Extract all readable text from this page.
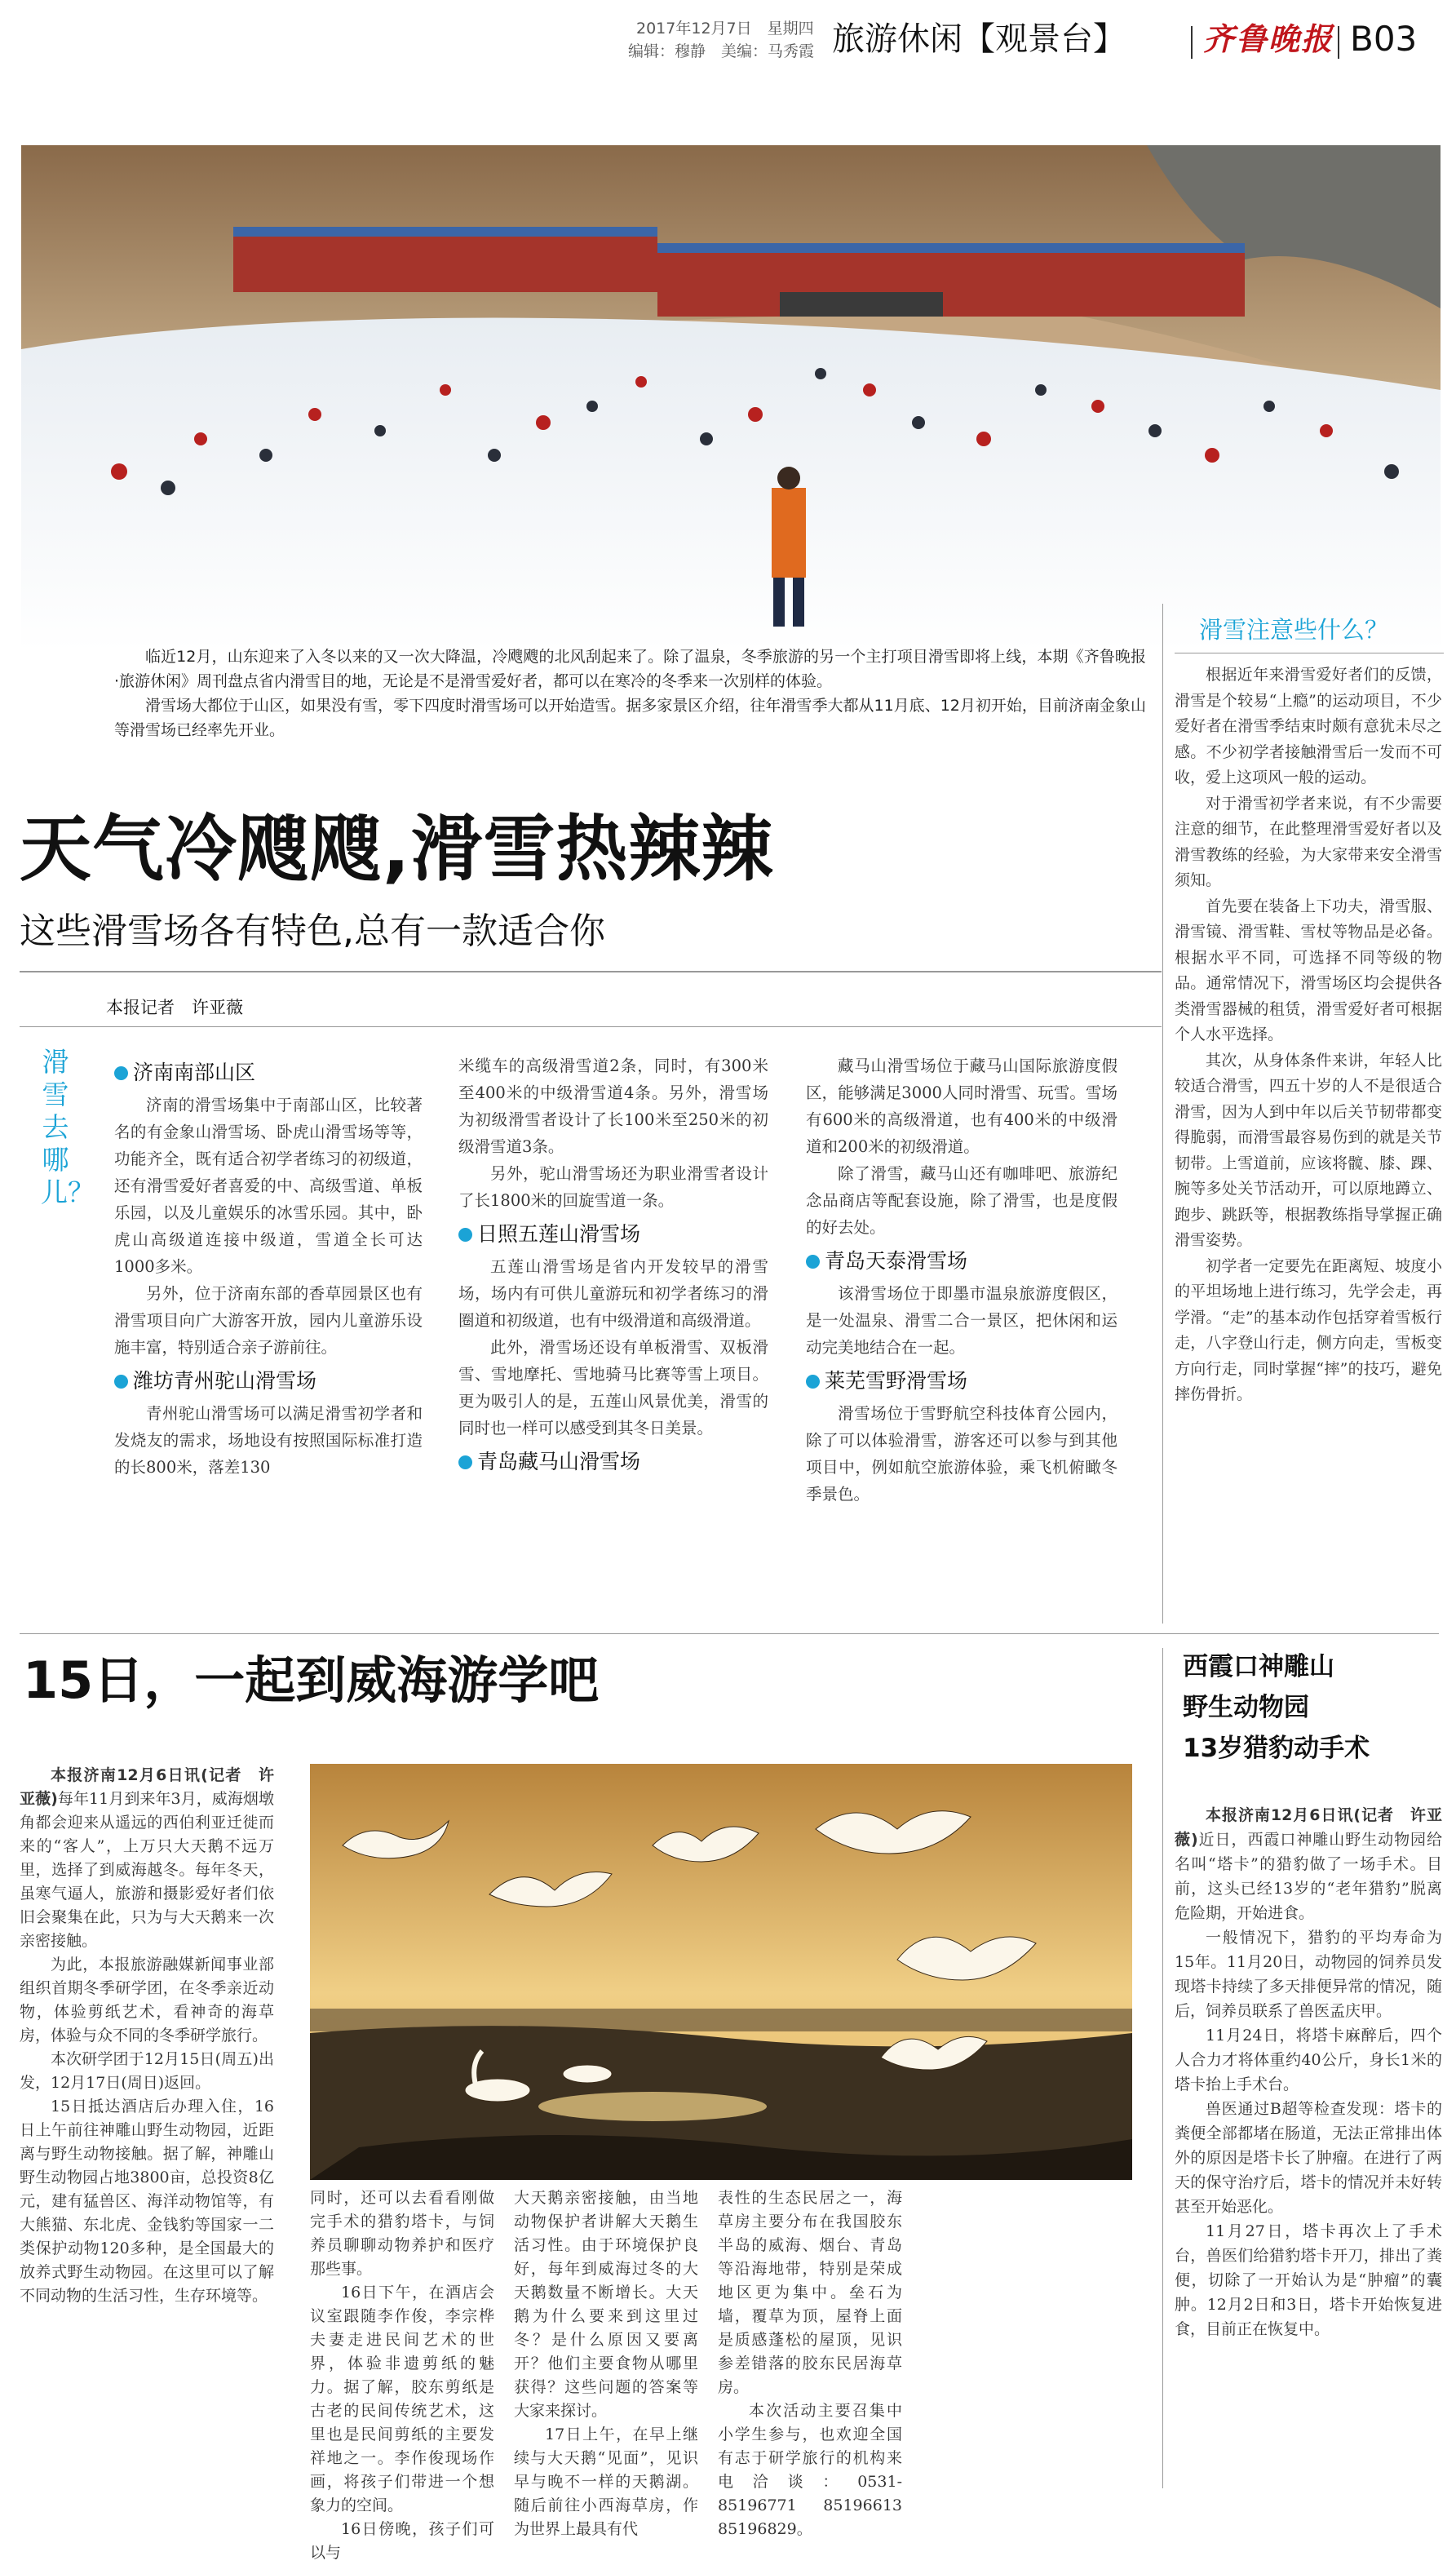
2017年12月7日　星期四
编辑：穆静　美编：马秀霞 旅游休闲【观景台】	齐鲁晚报 B03

临近12月，山东迎来了入冬以来的又一次大降温，冷飕飕的北风刮起来了。除了温泉，冬季旅游的另一个主打项目滑雪即将上线，本期《齐鲁晚报·旅游休闲》周刊盘点省内滑雪目的地，无论是不是滑雪爱好者，都可以在寒冷的冬季来一次别样的体验。

滑雪场大都位于山区，如果没有雪，零下四度时滑雪场可以开始造雪。据多家景区介绍，往年滑雪季大都从11月底、12月初开始，目前济南金象山等滑雪场已经率先开业。

天气冷飕飕,滑雪热辣辣
这些滑雪场各有特色,总有一款适合你
本报记者　许亚薇
滑雪去哪儿？
济南南部山区

济南的滑雪场集中于南部山区，比较著名的有金象山滑雪场、卧虎山滑雪场等等，功能齐全，既有适合初学者练习的初级道，还有滑雪爱好者喜爱的中、高级雪道、单板乐园，以及儿童娱乐的冰雪乐园。其中，卧虎山高级道连接中级道，雪道全长可达1000多米。

另外，位于济南东部的香草园景区也有滑雪项目向广大游客开放，园内儿童游乐设施丰富，特别适合亲子游前往。

潍坊青州驼山滑雪场

青州驼山滑雪场可以满足滑雪初学者和发烧友的需求，场地设有按照国际标准打造的长800米，落差130

米缆车的高级滑雪道2条，同时，有300米至400米的中级滑雪道4条。另外，滑雪场为初级滑雪者设计了长100米至250米的初级滑雪道3条。

另外，驼山滑雪场还为职业滑雪者设计了长1800米的回旋雪道一条。

日照五莲山滑雪场

五莲山滑雪场是省内开发较早的滑雪场，场内有可供儿童游玩和初学者练习的滑圈道和初级道，也有中级滑道和高级滑道。

此外，滑雪场还设有单板滑雪、双板滑雪、雪地摩托、雪地骑马比赛等雪上项目。更为吸引人的是，五莲山风景优美，滑雪的同时也一样可以感受到其冬日美景。

青岛藏马山滑雪场

藏马山滑雪场位于藏马山国际旅游度假区，能够满足3000人同时滑雪、玩雪。雪场有600米的高级滑道，也有400米的中级滑道和200米的初级滑道。

除了滑雪，藏马山还有咖啡吧、旅游纪念品商店等配套设施，除了滑雪，也是度假的好去处。

青岛天泰滑雪场

该滑雪场位于即墨市温泉旅游度假区，是一处温泉、滑雪二合一景区，把休闲和运动完美地结合在一起。

莱芜雪野滑雪场

滑雪场位于雪野航空科技体育公园内，除了可以体验滑雪，游客还可以参与到其他项目中，例如航空旅游体验，乘飞机俯瞰冬季景色。

滑雪注意些什么？

根据近年来滑雪爱好者们的反馈，滑雪是个较易“上瘾”的运动项目，不少爱好者在滑雪季结束时颇有意犹未尽之感。不少初学者接触滑雪后一发而不可收，爱上这项风一般的运动。

对于滑雪初学者来说，有不少需要注意的细节，在此整理滑雪爱好者以及滑雪教练的经验，为大家带来安全滑雪须知。

首先要在装备上下功夫，滑雪服、滑雪镜、滑雪鞋、雪杖等物品是必备。根据水平不同，可选择不同等级的物品。通常情况下，滑雪场区均会提供各类滑雪器械的租赁，滑雪爱好者可根据个人水平选择。

其次，从身体条件来讲，年轻人比较适合滑雪，四五十岁的人不是很适合滑雪，因为人到中年以后关节韧带都变得脆弱，而滑雪最容易伤到的就是关节韧带。上雪道前，应该将髋、膝、踝、腕等多处关节活动开，可以原地蹲立、跑步、跳跃等，根据教练指导掌握正确滑雪姿势。

初学者一定要先在距离短、坡度小的平坦场地上进行练习，先学会走，再学滑。“走”的基本动作包括穿着雪板行走，八字登山行走，侧方向走，雪板变方向行走，同时掌握“摔”的技巧，避免摔伤骨折。

15日，一起到威海游学吧

本报济南12月6日讯(记者　许亚薇)每年11月到来年3月，威海烟墩角都会迎来从遥远的西伯利亚迁徙而来的“客人”，上万只大天鹅不远万里，选择了到威海越冬。每年冬天，虽寒气逼人，旅游和摄影爱好者们依旧会聚集在此，只为与大天鹅来一次亲密接触。

为此，本报旅游融媒新闻事业部组织首期冬季研学团，在冬季亲近动物，体验剪纸艺术，看神奇的海草房，体验与众不同的冬季研学旅行。

本次研学团于12月15日(周五)出发，12月17日(周日)返回。

15日抵达酒店后办理入住，16日上午前往神雕山野生动物园，近距离与野生动物接触。据了解，神雕山野生动物园占地3800亩，总投资8亿元，建有猛兽区、海洋动物馆等，有大熊猫、东北虎、金钱豹等国家一二类保护动物120多种，是全国最大的放养式野生动物园。在这里可以了解不同动物的生活习性，生存环境等。

同时，还可以去看看刚做完手术的猎豹塔卡，与饲养员聊聊动物养护和医疗那些事。

16日下午，在酒店会议室跟随李作俊，李宗桦夫妻走进民间艺术的世界，体验非遗剪纸的魅力。据了解，胶东剪纸是古老的民间传统艺术，这里也是民间剪纸的主要发祥地之一。李作俊现场作画，将孩子们带进一个想象力的空间。

16日傍晚，孩子们可以与

大天鹅亲密接触，由当地动物保护者讲解大天鹅生活习性。由于环境保护良好，每年到威海过冬的大天鹅数量不断增长。大天鹅为什么要来到这里过冬？是什么原因又要离开？他们主要食物从哪里获得？这些问题的答案等大家来探讨。

17日上午，在早上继续与大天鹅“见面”，见识早与晚不一样的天鹅湖。随后前往小西海草房，作为世界上最具有代

表性的生态民居之一，海草房主要分布在我国胶东半岛的威海、烟台、青岛等沿海地带，特别是荣成地区更为集中。垒石为墙，覆草为顶，屋脊上面是质感蓬松的屋顶，见识参差错落的胶东民居海草房。

本次活动主要召集中小学生参与，也欢迎全国有志于研学旅行的机构来电洽谈：0531-85196771　85196613　85196829。

西霞口神雕山
野生动物园
13岁猎豹动手术

本报济南12月6日讯(记者　许亚薇)近日，西霞口神雕山野生动物园给名叫“塔卡”的猎豹做了一场手术。目前，这头已经13岁的“老年猎豹”脱离危险期，开始进食。

一般情况下，猎豹的平均寿命为15年。11月20日，动物园的饲养员发现塔卡持续了多天排便异常的情况，随后，饲养员联系了兽医孟庆甲。

11月24日，将塔卡麻醉后，四个人合力才将体重约40公斤，身长1米的塔卡抬上手术台。

兽医通过B超等检查发现：塔卡的粪便全部都堵在肠道，无法正常排出体外的原因是塔卡长了肿瘤。在进行了两天的保守治疗后，塔卡的情况并未好转甚至开始恶化。

11月27日，塔卡再次上了手术台，兽医们给猎豹塔卡开刀，排出了粪便，切除了一开始认为是“肿瘤”的囊肿。12月2日和3日，塔卡开始恢复进食，目前正在恢复中。
